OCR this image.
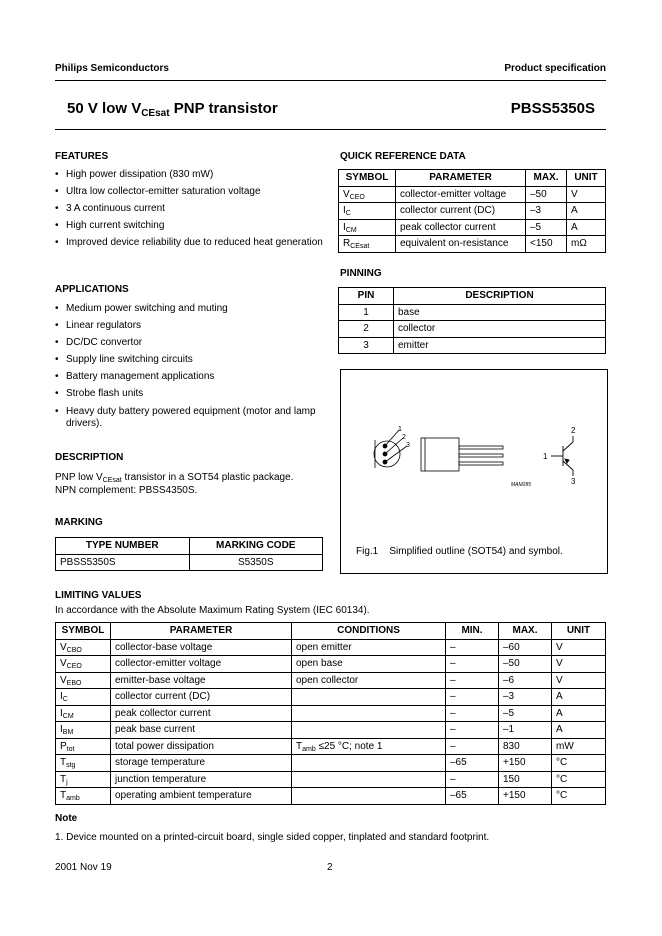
Philips Semiconductors	Product specification
50 V low $V_{CEsat}$ PNP transistor	PBSS5350S
FEATURES
• High power dissipation (830 mW)
• Ultra low collector-emitter saturation voltage
• 3 A continuous current
• High current switching
• Improved device reliability due to reduced heat generation
APPLICATIONS
• Medium power switching and muting
• Linear regulators
• DC/DC convertor
• Supply line switching circuits
• Battery management applications
• Strobe flash units
• Heavy duty battery powered equipment (motor and lamp drivers).
DESCRIPTION
PNP low $V_{CEsat}$ transistor in a SOT54 plastic package.
NPN complement: PBSS4350S.
MARKING
TYPE NUMBER	MARKING CODE
PBSS5350S	S5350S
QUICK REFERENCE DATA
SYMBOL	PARAMETER	MAX.	UNIT
$V_{CEO}$	collector-emitter voltage	–50	V
$I_C$	collector current (DC)	–3	A
$I_{CM}$	peak collector current	–5	A
$R_{CEsat}$	equivalent on-resistance	<150	mΩ
PINNING
PIN	DESCRIPTION
1	base
2	collector
3	emitter
1
2
3
MAM285
2
1
3
Fig.1 Simplified outline (SOT54) and symbol.
LIMITING VALUES
In accordance with the Absolute Maximum Rating System (IEC 60134).
SYMBOL	PARAMETER	CONDITIONS	MIN.	MAX.	UNIT
$V_{CBO}$	collector-base voltage	open emitter	–	–60	V
$V_{CEO}$	collector-emitter voltage	open base	–	–50	V
$V_{EBO}$	emitter-base voltage	open collector	–	–6	V
$I_C$	collector current (DC)		–	–3	A
$I_{CM}$	peak collector current		–	–5	A
$I_{BM}$	peak base current		–	–1	A
$P_{tot}$	total power dissipation	$T_{amb} \le 25$ °C; note 1	–	830	mW
$T_{stg}$	storage temperature		–65	+150	°C
$T_j$	junction temperature		–	150	°C
$T_{amb}$	operating ambient temperature		–65	+150	°C
Note
1. Device mounted on a printed-circuit board, single sided copper, tinplated and standard footprint.
2001 Nov 19	2
